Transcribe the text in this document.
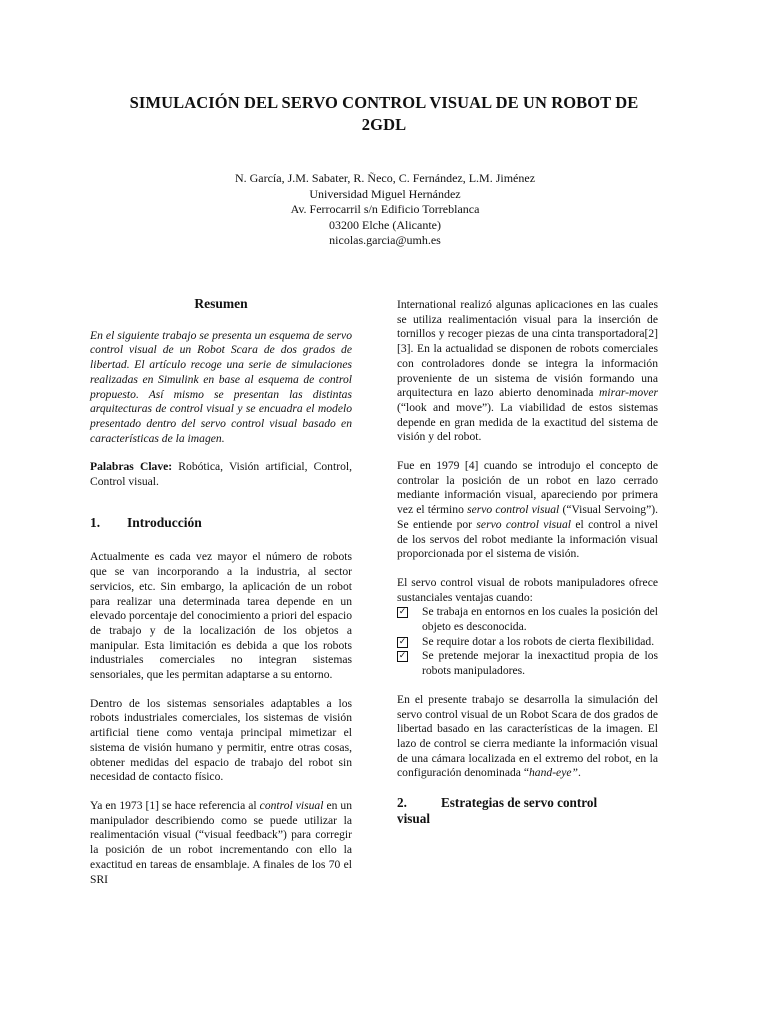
SIMULACIÓN DEL SERVO CONTROL VISUAL DE UN ROBOT DE
2GDL
N. García, J.M. Sabater, R. Ñeco, C. Fernández, L.M. Jiménez
Universidad Miguel Hernández
Av. Ferrocarril s/n Edificio Torreblanca
03200 Elche (Alicante)
nicolas.garcia@umh.es
Resumen

En el siguiente trabajo se presenta un esquema de servo control visual de un Robot Scara de dos grados de libertad. El artículo recoge una serie de simulaciones realizadas en Simulink en base al esquema de control propuesto. Así mismo se presentan las distintas arquitecturas de control visual y se encuadra el modelo presentado dentro del servo control visual basado en características de la imagen.

Palabras Clave: Robótica, Visión artificial, Control, Control visual.

1. Introducción

Actualmente es cada vez mayor el número de robots que se van incorporando a la industria, al sector servicios, etc. Sin embargo, la aplicación de un robot para realizar una determinada tarea depende en un elevado porcentaje del conocimiento a priori del espacio de trabajo y de la localización de los objetos a manipular. Esta limitación es debida a que los robots industriales comerciales no integran sistemas sensoriales, que les permitan adaptarse a su entorno.

Dentro de los sistemas sensoriales adaptables a los robots industriales comerciales, los sistemas de visión artificial tiene como ventaja principal mimetizar el sistema de visión humano y permitir, entre otras cosas, obtener medidas del espacio de trabajo del robot sin necesidad de contacto físico.

Ya en 1973 [1] se hace referencia al control visual en un manipulador describiendo como se puede utilizar la realimentación visual (“visual feedback”) para corregir la posición de un robot incrementando con ello la exactitud en tareas de ensamblaje. A finales de los 70 el SRI

International realizó algunas aplicaciones en las cuales se utiliza realimentación visual para la inserción de tornillos y recoger piezas de una cinta transportadora[2][3]. En la actualidad se disponen de robots comerciales con controladores donde se integra la información proveniente de un sistema de visión formando una arquitectura en lazo abierto denominada mirar-mover (“look and move”). La viabilidad de estos sistemas depende en gran medida de la exactitud del sistema de visión y del robot.

Fue en 1979 [4] cuando se introdujo el concepto de controlar la posición de un robot en lazo cerrado mediante información visual, apareciendo por primera vez el término servo control visual (“Visual Servoing”). Se entiende por servo control visual el control a nivel de los servos del robot mediante la información visual proporcionada por el sistema de visión.

El servo control visual de robots manipuladores ofrece sustanciales ventajas cuando:

✓ Se trabaja en entornos en los cuales la posición del objeto es desconocida.
✓ Se require dotar a los robots de cierta flexibilidad.
✓ Se pretende mejorar la inexactitud propia de los robots manipuladores.

En el presente trabajo se desarrolla la simulación del servo control visual de un Robot Scara de dos grados de libertad basado en las características de la imagen. El lazo de control se cierra mediante la información visual de una cámara localizada en el extremo del robot, en la configuración denominada “hand-eye”.

2.	Estrategias de servo control
visual
